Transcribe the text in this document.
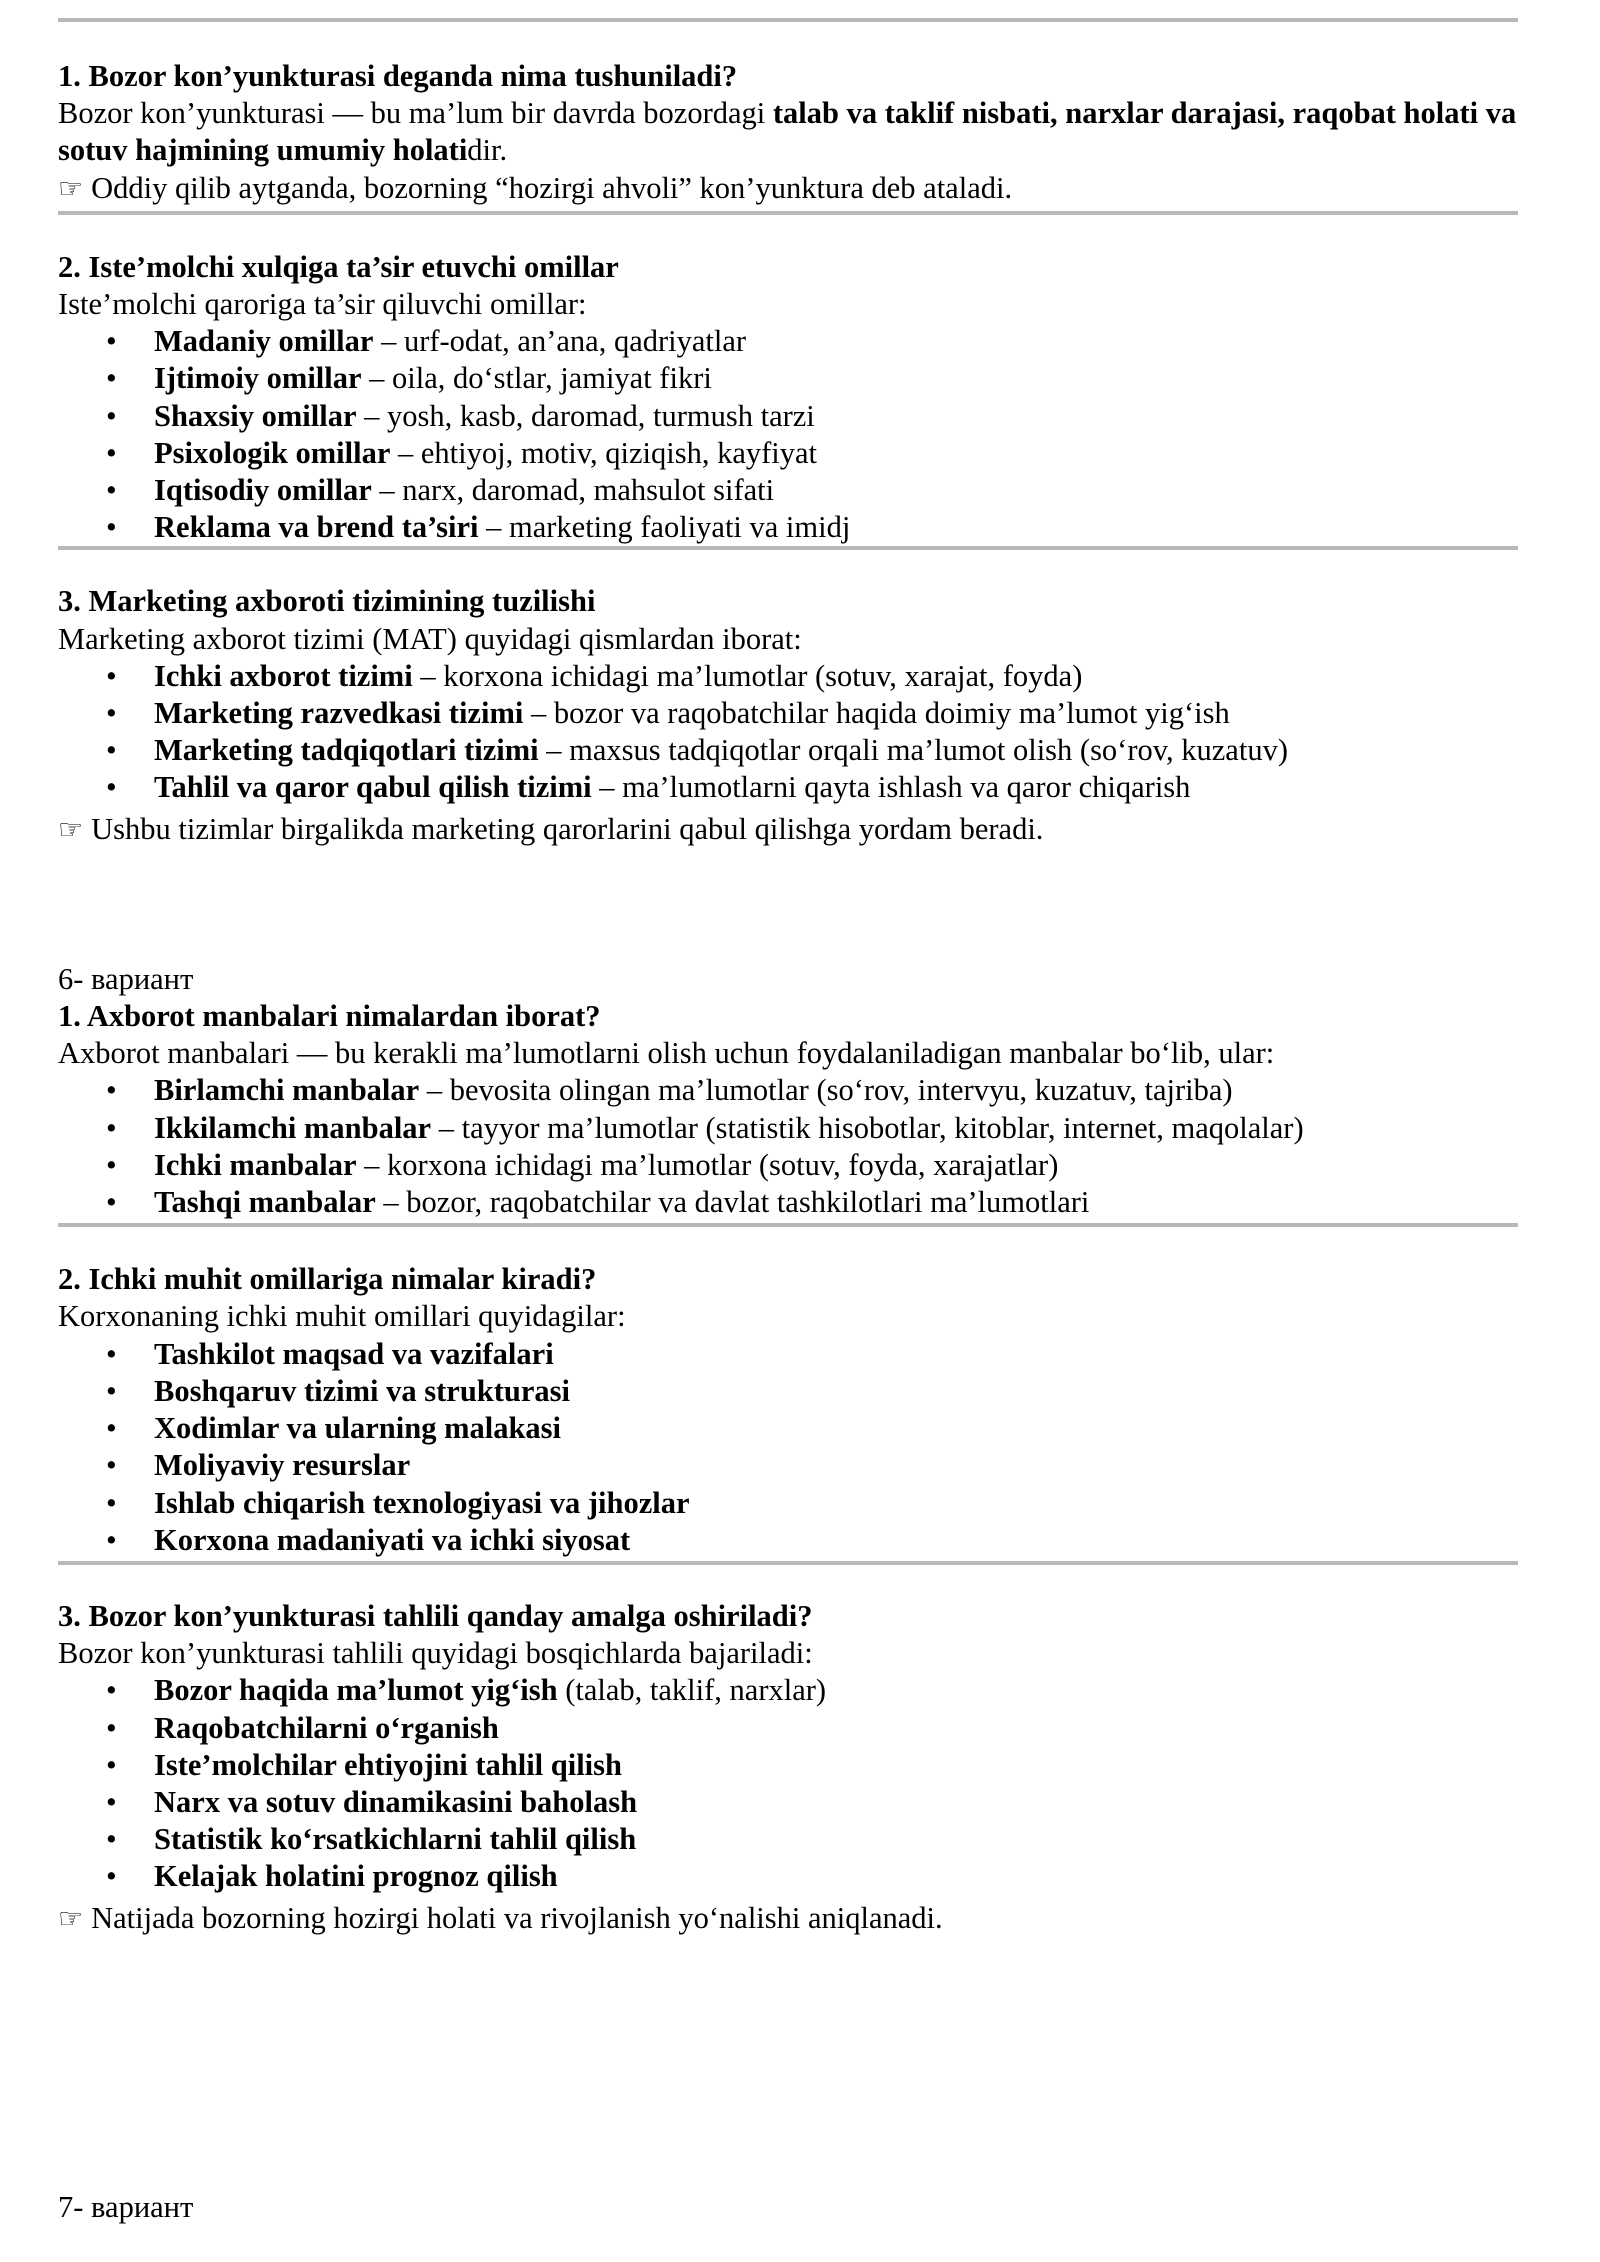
1. Bozor kon’yunkturasi deganda nima tushuniladi?
Bozor kon’yunkturasi — bu ma’lum bir davrda bozordagi talab va taklif nisbati, narxlar darajasi, raqobat holati va sotuv hajmining umumiy holatidir.
☞ Oddiy qilib aytganda, bozorning “hozirgi ahvoli” kon’yunktura deb ataladi.
2. Iste’molchi xulqiga ta’sir etuvchi omillar
Iste’molchi qaroriga ta’sir qiluvchi omillar:
• Madaniy omillar – urf-odat, an’ana, qadriyatlar
• Ijtimoiy omillar – oila, do‘stlar, jamiyat fikri
• Shaxsiy omillar – yosh, kasb, daromad, turmush tarzi
• Psixologik omillar – ehtiyoj, motiv, qiziqish, kayfiyat
• Iqtisodiy omillar – narx, daromad, mahsulot sifati
• Reklama va brend ta’siri – marketing faoliyati va imidj
3. Marketing axboroti tizimining tuzilishi
Marketing axborot tizimi (MAT) quyidagi qismlardan iborat:
• Ichki axborot tizimi – korxona ichidagi ma’lumotlar (sotuv, xarajat, foyda)
• Marketing razvedkasi tizimi – bozor va raqobatchilar haqida doimiy ma’lumot yig‘ish
• Marketing tadqiqotlari tizimi – maxsus tadqiqotlar orqali ma’lumot olish (so‘rov, kuzatuv)
• Tahlil va qaror qabul qilish tizimi – ma’lumotlarni qayta ishlash va qaror chiqarish
☞ Ushbu tizimlar birgalikda marketing qarorlarini qabul qilishga yordam beradi.
6- вариант
1. Axborot manbalari nimalardan iborat?
Axborot manbalari — bu kerakli ma’lumotlarni olish uchun foydalaniladigan manbalar bo‘lib, ular:
• Birlamchi manbalar – bevosita olingan ma’lumotlar (so‘rov, intervyu, kuzatuv, tajriba)
• Ikkilamchi manbalar – tayyor ma’lumotlar (statistik hisobotlar, kitoblar, internet, maqolalar)
• Ichki manbalar – korxona ichidagi ma’lumotlar (sotuv, foyda, xarajatlar)
• Tashqi manbalar – bozor, raqobatchilar va davlat tashkilotlari ma’lumotlari
2. Ichki muhit omillariga nimalar kiradi?
Korxonaning ichki muhit omillari quyidagilar:
• Tashkilot maqsad va vazifalari
• Boshqaruv tizimi va strukturasi
• Xodimlar va ularning malakasi
• Moliyaviy resurslar
• Ishlab chiqarish texnologiyasi va jihozlar
• Korxona madaniyati va ichki siyosat
3. Bozor kon’yunkturasi tahlili qanday amalga oshiriladi?
Bozor kon’yunkturasi tahlili quyidagi bosqichlarda bajariladi:
• Bozor haqida ma’lumot yig‘ish (talab, taklif, narxlar)
• Raqobatchilarni o‘rganish
• Iste’molchilar ehtiyojini tahlil qilish
• Narx va sotuv dinamikasini baholash
• Statistik ko‘rsatkichlarni tahlil qilish
• Kelajak holatini prognoz qilish
☞ Natijada bozorning hozirgi holati va rivojlanish yo‘nalishi aniqlanadi.
7- вариант
